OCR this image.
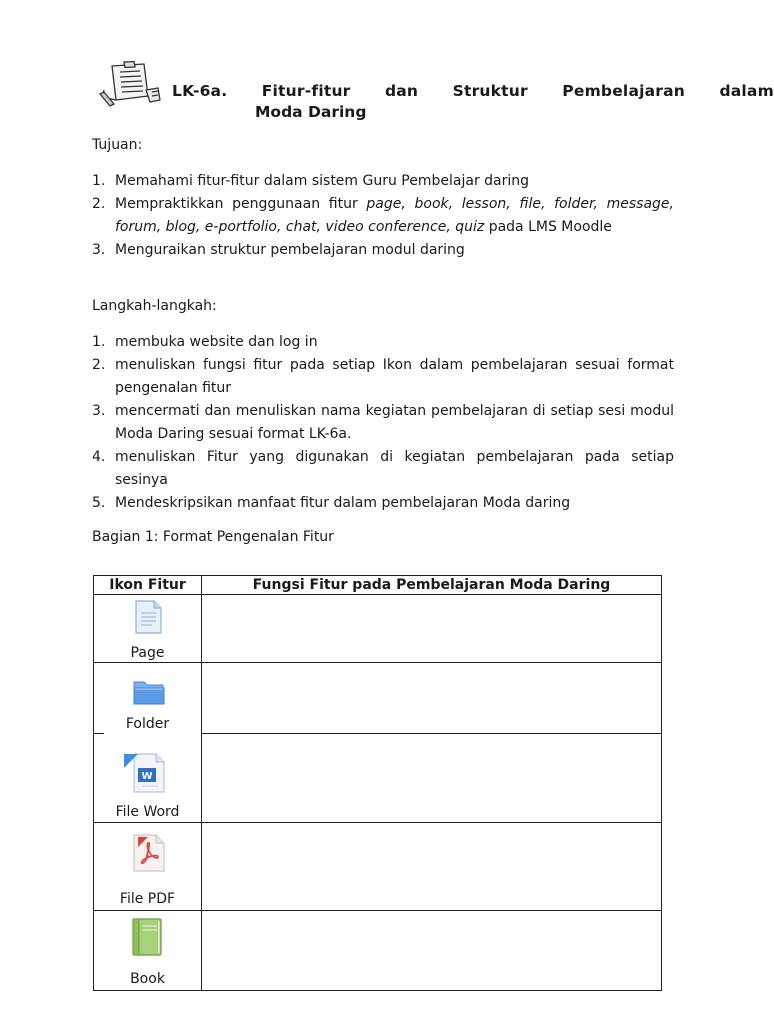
LK-6a. Fitur-fitur dan Struktur Pembelajaran dalam
Moda Daring
Tujuan:
1. Memahami fitur-fitur dalam sistem Guru Pembelajar daring
2. Mempraktikkan penggunaan fitur page, book, lesson, file, folder, message, forum, blog, e-portfolio, chat, video conference, quiz pada LMS Moodle
3. Menguraikan struktur pembelajaran modul daring
Langkah-langkah:
1. membuka website dan log in
2. menuliskan fungsi fitur pada setiap Ikon dalam pembelajaran sesuai format pengenalan fitur
3. mencermati dan menuliskan nama kegiatan pembelajaran di setiap sesi modul Moda Daring sesuai format LK-6a.
4. menuliskan Fitur yang digunakan di kegiatan pembelajaran pada setiap sesinya
5. Mendeskripsikan manfaat fitur dalam pembelajaran Moda daring
Bagian 1: Format Pengenalan Fitur
Ikon Fitur	Fungsi Fitur pada Pembelajaran Moda Daring
Page
Folder
W
File Word
File PDF
Book
